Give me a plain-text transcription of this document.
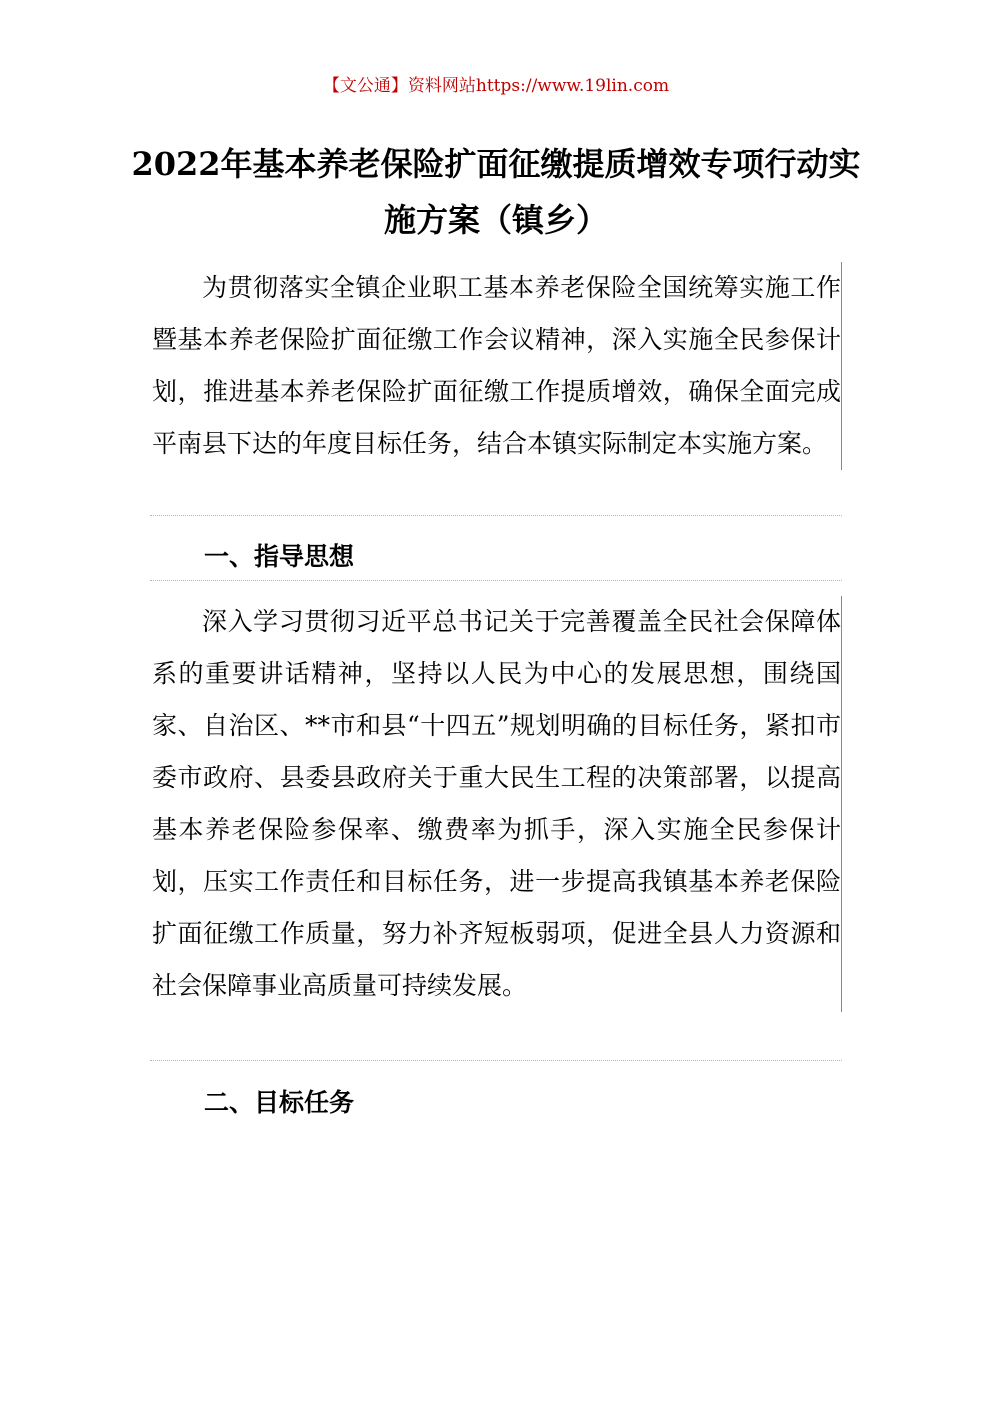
【文公通】资料网站https://www.19lin.com
2022年基本养老保险扩面征缴提质增效专项行动实施方案（镇乡）
为贯彻落实全镇企业职工基本养老保险全国统筹实施工作暨基本养老保险扩面征缴工作会议精神，深入实施全民参保计划，推进基本养老保险扩面征缴工作提质增效，确保全面完成平南县下达的年度目标任务，结合本镇实际制定本实施方案。
一、指导思想
深入学习贯彻习近平总书记关于完善覆盖全民社会保障体系的重要讲话精神，坚持以人民为中心的发展思想，围绕国家、自治区、**市和县“十四五”规划明确的目标任务，紧扣市委市政府、县委县政府关于重大民生工程的决策部署，以提高基本养老保险参保率、缴费率为抓手，深入实施全民参保计划，压实工作责任和目标任务，进一步提高我镇基本养老保险扩面征缴工作质量，努力补齐短板弱项，促进全县人力资源和社会保障事业高质量可持续发展。
二、目标任务
